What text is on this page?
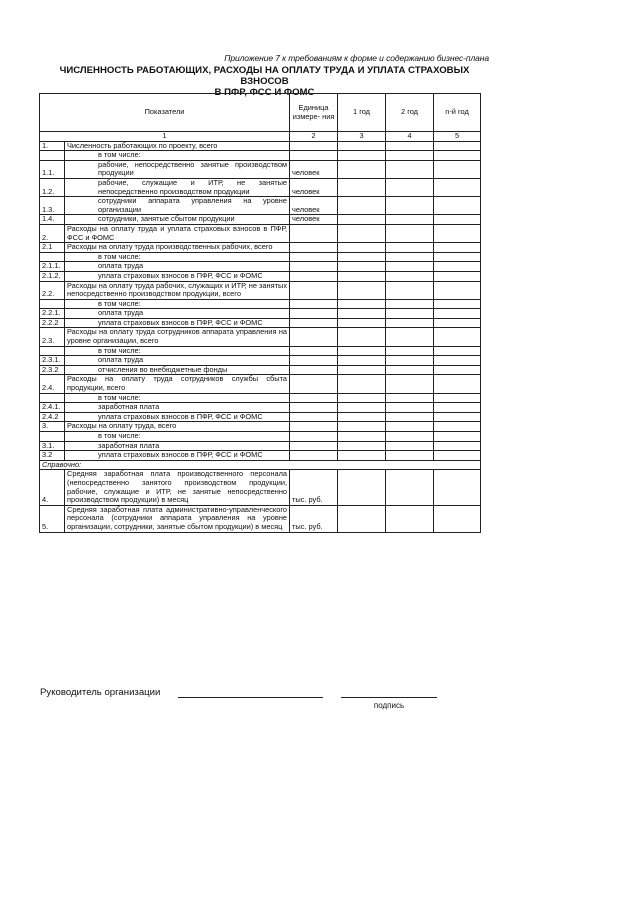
Приложение 7 к требованиям к форме и содержанию бизнес-плана
ЧИСЛЕННОСТЬ РАБОТАЮЩИХ, РАСХОДЫ НА ОПЛАТУ ТРУДА И УПЛАТА СТРАХОВЫХ ВЗНОСОВ
В ПФР, ФСС И ФОМС
Показатели		Единица измере- ния	1 год	2 год	n-й год
1		2	3	4	5
1.	Численность работающих по проекту, всего				
	в том числе:				
1.1.	рабочие, непосредственно занятые производством продукции	человек			
1.2.	рабочие, служащие и ИТР, не занятые непосредственно производством продукции	человек			
1.3.	сотрудники аппарата управления на уровне организации	человек			
1.4.	сотрудники, занятые сбытом продукции	человек			
2.	Расходы на оплату труда и уплата страховых взносов в ПФР, ФСС и ФОМС				
2.1	Расходы на оплату труда производственных рабочих, всего				
	в том числе:				
2.1.1.	оплата труда				
2.1.2.	уплата страховых взносов в ПФР, ФСС и ФОМС				
2.2.	Расходы на оплату труда рабочих, служащих и ИТР, не занятых непосредственно производством продукции, всего				
	в том числе:				
2.2.1.	оплата труда				
2.2.2	уплата страховых взносов в ПФР, ФСС и ФОМС				
2.3.	Расходы на оплату труда сотрудников аппарата управления на уровне организации, всего				
	в том числе:				
2.3.1.	оплата труда				
2.3.2	отчисления во внебюджетные фонды				
2.4.	Расходы на оплату труда сотрудников службы сбыта продукции, всего				
	в том числе:				
2.4.1.	заработная плата				
2.4.2	уплата страховых взносов в ПФР, ФСС и ФОМС				
3.	Расходы на оплату труда, всего				
	в том числе:				
3.1.	заработная плата				
3.2	уплата страховых взносов в ПФР, ФСС и ФОМС				
Справочно:					
4.	Средняя заработная плата производственного персонала (непосредственно занятого производством продукции, рабочие, служащие и ИТР, не занятые непосредственно производством продукции) в месяц	тыс. руб.			
5.	Средняя заработная плата административно-управленческого персонала (сотрудники аппарата управления на уровне организации, сотрудники, занятые сбытом продукции) в месяц	тыс. руб.			
Руководитель организации
подпись
